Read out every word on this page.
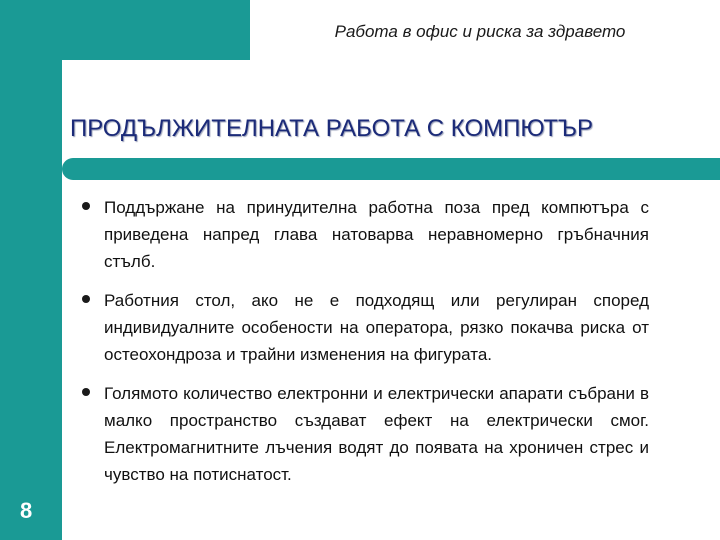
Работа в офис и риска за здравето
ПРОДЪЛЖИТЕЛНАТА РАБОТА С КОМПЮТЪР
Поддържане на принудителна работна поза пред компютъра с приведена напред глава натоварва неравномерно гръбначния стълб.
Работния стол, ако не е подходящ или регулиран според индивидуалните особености на оператора, рязко покачва риска от остеохондроза и трайни изменения на фигурата.
Голямото количество електронни и електрически апарати събрани в малко пространство създават ефект на електрически смог. Електромагнитните лъчения водят до появата на хроничен стрес и чувство на потиснатост.
8
